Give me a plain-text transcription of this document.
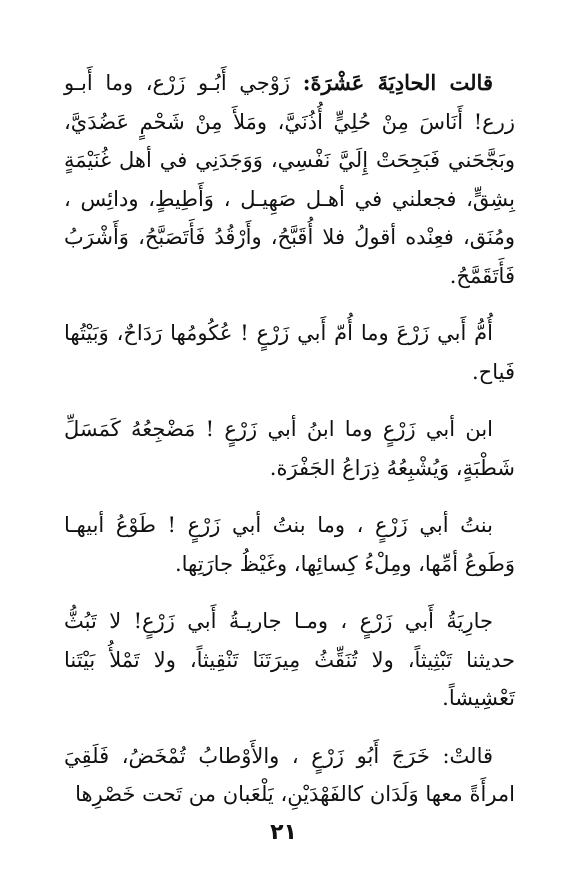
قالت الحادِيَةَ عَشْرَةَ: زَوْجي أَبُـو زَرْع، وما أَبـو زرع! أَنَاسَ مِنْ حُلِيٍّ أُذُنَيَّ، ومَلأَ مِنْ شَحْمٍ عَضُدَيَّ، وبَجَّحَني فَبَجِحَتْ إِلَيَّ نَفْسِي، وَوَجَدَنِي في أهل غُنَيْمَةٍ بِشِقٍّ، فجعلني في أهـل صَهِيـل ، وَأَطِيطٍ، ودائِس ، ومُنَق، فعِنْده أقولُ فلا أُقَبَّحُ، وأَرْقُدُ فَأَتَصَبَّحُ، وَأَشْرَبُ فَأَتَقَمَّحُ.

أُمُّ أَبي زَرْعَ وما أُمّ أَبي زَرْعٍ ! عُكُومُها رَدَاحٌ، وَبَيْتُها فَياح.

ابن أبي زَرْعٍ وما ابنُ أبي زَرْعٍ ! مَضْجِعُهُ كَمَسَلِّ شَطْبَةٍ، وَيُشْبِعُهُ ذِرَاعُ الجَفْرَة.

بنتُ أبي زَرْعٍ ، وما بنتُ أبي زَرْعٍ ! طَوْعُ أبيهـا وَطَوعُ أمِّها، ومِلْءُ كِسائِها، وغَيْظُ جارَتِها.

جارِيَةُ أَبي زَرْعٍ ، ومـا جاريـةُ أَبي زَرْعٍ! لا تَبُثُّ حديثنا تَبْثِيثاً، ولا تُنَقِّثُ مِيرَتَنَا تَنْقِيثاً، ولا تَمْلأُ بَيْتَنا تَعْشِيشاً.

قالتْ: خَرَجَ أَبُو زَرْعٍ ، والأَوْطابُ تُمْخَضُ، فَلَقِيَ امرأَةً معها وَلَدَان كالفَهْدَيْنِ، يَلْعَبان من تَحت خَصْرِها

٢١
